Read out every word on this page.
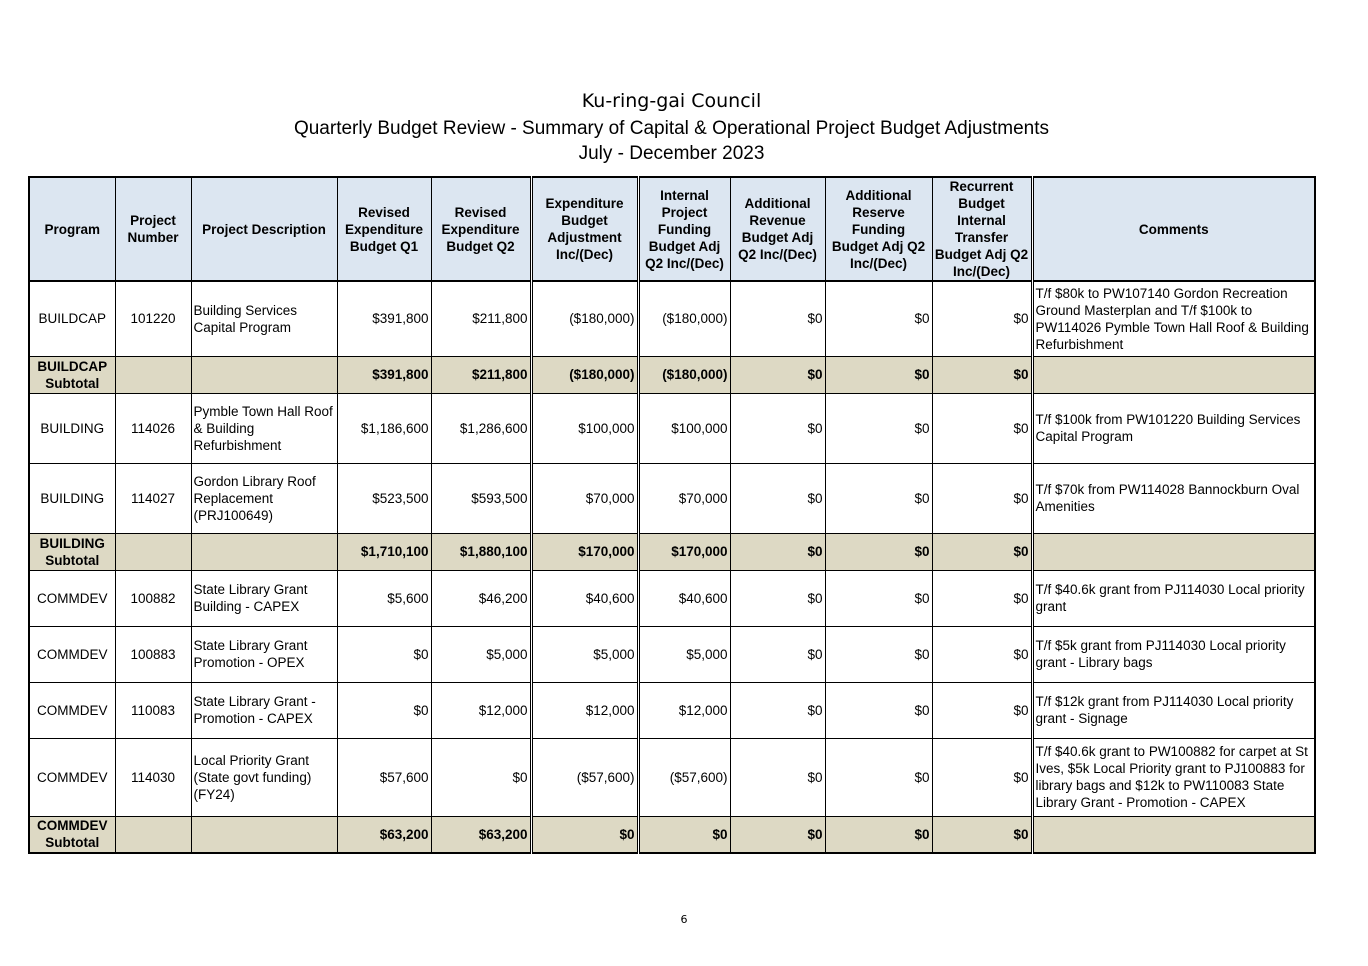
Ku-ring-gai Council
Quarterly Budget Review - Summary of Capital & Operational Project Budget Adjustments
July - December 2023
Program	Project Number	Project Description	Revised Expenditure Budget Q1	Revised Expenditure Budget Q2	Expenditure Budget Adjustment Inc/(Dec)	Internal Project Funding Budget Adj Q2 Inc/(Dec)	Additional Revenue Budget Adj Q2 Inc/(Dec)	Additional Reserve Funding Budget Adj Q2 Inc/(Dec)	Recurrent Budget Internal Transfer Budget Adj Q2 Inc/(Dec)	Comments
BUILDCAP	101220	Building Services Capital Program	$391,800	$211,800	($180,000)	($180,000)	$0	$0	$0	T/f $80k to PW107140 Gordon Recreation Ground Masterplan and T/f $100k to PW114026 Pymble Town Hall Roof & Building Refurbishment
BUILDCAP Subtotal			$391,800	$211,800	($180,000)	($180,000)	$0	$0	$0	
BUILDING	114026	Pymble Town Hall Roof & Building Refurbishment	$1,186,600	$1,286,600	$100,000	$100,000	$0	$0	$0	T/f $100k from PW101220 Building Services Capital Program
BUILDING	114027	Gordon Library Roof Replacement (PRJ100649)	$523,500	$593,500	$70,000	$70,000	$0	$0	$0	T/f $70k from PW114028 Bannockburn Oval Amenities
BUILDING Subtotal			$1,710,100	$1,880,100	$170,000	$170,000	$0	$0	$0	
COMMDEV	100882	State Library Grant Building - CAPEX	$5,600	$46,200	$40,600	$40,600	$0	$0	$0	T/f $40.6k grant from PJ114030 Local priority grant
COMMDEV	100883	State Library Grant Promotion - OPEX	$0	$5,000	$5,000	$5,000	$0	$0	$0	T/f $5k grant from PJ114030 Local priority grant - Library bags
COMMDEV	110083	State Library Grant - Promotion - CAPEX	$0	$12,000	$12,000	$12,000	$0	$0	$0	T/f $12k grant from PJ114030 Local priority grant - Signage
COMMDEV	114030	Local Priority Grant (State govt funding) (FY24)	$57,600	$0	($57,600)	($57,600)	$0	$0	$0	T/f $40.6k grant to PW100882 for carpet at St Ives, $5k Local Priority grant to PJ100883 for library bags and $12k to PW110083 State Library Grant - Promotion - CAPEX
COMMDEV Subtotal			$63,200	$63,200	$0	$0	$0	$0	$0	
6
